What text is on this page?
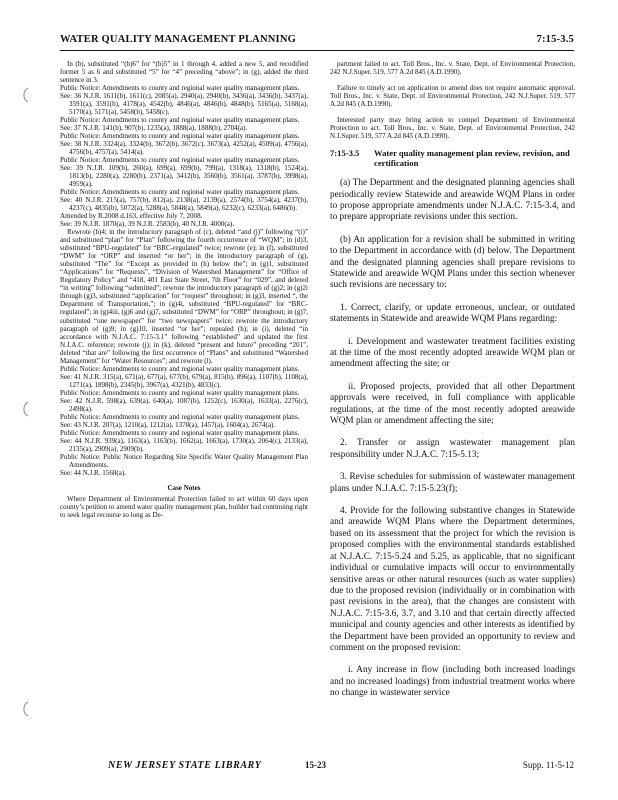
WATER QUALITY MANAGEMENT PLANNING	7:15-3.5

In (b), substituted “(b)6” for “(b)5” in 1 through 4, added a new 5, and recodified former 5 as 6 and substituted “5” for “4” preceding “above”; in (g), added the third sentence in 3.

Public Notice: Amendments to county and regional water quality management plans.

See: 36 N.J.R. 1611(b), 1611(c), 2085(a), 2940(a), 2940(b), 3436(a), 3436(b), 3437(a), 3591(a), 3591(b), 4178(a), 4542(b), 4846(a), 4846(b), 4848(b), 5165(a), 5168(a), 5170(a), 5171(a), 5458(b), 5458(c).

Public Notice: Amendments to county and regional water quality management plans.

See: 37 N.J.R. 141(b), 907(b), 1235(a), 1888(a), 1888(b), 2704(a).

Public Notice: Amendments to county and regional water quality management plans.

See: 38 N.J.R. 3324(a), 3324(b), 3672(b), 3672(c), 3673(a), 4252(a), 4509(a), 4756(a), 4756(b), 4757(a), 5414(a).

Public Notice: Amendments to county and regional water quality management plans.

See: 39 N.J.R. 109(b), 260(a), 699(a), 699(b), 799(a), 1318(a), 1318(b), 1524(a), 1813(b), 2280(a), 2280(b), 2371(a), 3412(b), 3560(b), 3561(a), 3787(b), 3998(a), 4959(a).

Public Notice: Amendments to county and regional water quality management plans.

See: 40 N.J.R. 215(a), 757(b), 812(a), 2138(a), 2139(a), 2574(b), 3754(a), 4237(b), 4237(c), 4835(b), 5072(a), 5288(a), 5848(a), 5849(a), 6232(c), 6233(a), 6486(b).

Amended by R.2008 d.163, effective July 7, 2008.

See: 39 N.J.R. 1870(a), 39 N.J.R. 2583(b), 40 N.J.R. 4000(a).

Rewrote (b)4; in the introductory paragraph of (c), deleted “and (j)” following “(i)” and substituted “plan” for “Plan” following the fourth occurrence of “WQM”; in (d)3, substituted “BPU-regulated” for “BRC-regulated” twice; rewrote (e); in (f), substituted “DWM” for “ORP” and inserted “or her”; in the introductory paragraph of (g), substituted “The” for “Except as provided in (h) below the”; in (g)1, substituted “Applications” for “Requests”, “Division of Watershed Management” for “Office of Regulatory Policy” and “418, 401 East State Street, 7th Floor” for “029”, and deleted “in writing” following “submitted”; rewrote the introductory paragraph of (g)2; in (g)2i through (g)3, substituted “application” for “request” throughout; in (g)3, inserted “, the Department of Transportation,”; in (g)4i, substituted “BPU-regulated” for “BRC-regulated”; in (g)4iii, (g)6 and (g)7, substituted “DWM” for “ORP” throughout; in (g)7, substituted “one newspaper” for “two newspapers” twice; rewrote the introductory paragraph of (g)9; in (g)10, inserted “or her”; repealed (h); in (i), deleted “in accordance with N.J.A.C. 7:15-3.1” following “established” and updated the first N.J.A.C. reference; rewrote (j); in (k), deleted “present and future” preceding “201”, deleted “that are” following the first occurrence of “Plans” and substituted “Watershed Management” for “Water Resources”; and rewrote (l).

Public Notice: Amendments to county and regional water quality management plans.

See: 41 N.J.R. 315(a), 671(a), 677(a), 677(b), 679(a), 815(b), 896(a), 1107(b), 1108(a), 1271(a), 1898(b), 2345(b), 3967(a), 4321(b), 4833(c).

Public Notice: Amendments to county and regional water quality management plans.

See: 42 N.J.R. 598(a), 639(a), 640(a), 1087(b), 1252(c), 1630(a), 1633(a), 2276(c), 2498(a).

Public Notice: Amendments to county and regional water quality management plans.

See: 43 N.J.R. 207(a), 1210(a), 1212(a), 1378(a), 1457(a), 1604(a), 2674(a).

Public Notice: Amendments to county and regional water quality management plans.

See: 44 N.J.R. 939(a), 1163(a), 1163(b), 1662(a), 1663(a), 1730(a), 2064(c), 2133(a), 2135(a), 2909(a), 2909(b).

Public Notice: Public Notice Regarding Site Specific Water Quality Management Plan Amendments.

See: 44 N.J.R. 1568(a).

Case Notes

Where Department of Environmental Protection failed to act within 60 days upon county’s petition to amend water quality management plan, builder had continuing right to seek legal recourse so long as De-

partment failed to act. Toll Bros., Inc. v. State, Dept. of Environmental Protection, 242 N.J.Super. 519, 577 A.2d 845 (A.D.1990).

Failure to timely act on application to amend does not require automatic approval. Toll Bros., Inc. v. State, Dept. of Environmental Protection, 242 N.J.Super. 519, 577 A.2d 845 (A.D.1990).

Interested party may bring action to compel Department of Environmental Protection to act. Toll Bros., Inc. v. State, Dept. of Environmental Protection, 242 N.J.Super. 519, 577 A.2d 845 (A.D.1990).

7:15-3.5	Water quality management plan review, revision, and certification

(a) The Department and the designated planning agencies shall periodically review Statewide and areawide WQM Plans in order to propose appropriate amendments under N.J.A.C. 7:15-3.4, and to prepare appropriate revisions under this section.

(b) An application for a revision shall be submitted in writing to the Department in accordance with (d) below. The Department and the designated planning agencies shall prepare revisions to Statewide and areawide WQM Plans under this section whenever such revisions are necessary to:

1. Correct, clarify, or update erroneous, unclear, or outdated statements in Statewide and areawide WQM Plans regarding:

i. Development and wastewater treatment facilities existing at the time of the most recently adopted areawide WQM plan or amendment affecting the site; or

ii. Proposed projects, provided that all other Department approvals were received, in full compliance with applicable regulations, at the time of the most recently adopted areawide WQM plan or amendment affecting the site;

2. Transfer or assign wastewater management plan responsibility under N.J.A.C. 7:15-5.13;

3. Revise schedules for submission of wastewater management plans under N.J.A.C. 7:15-5.23(f);

4. Provide for the following substantive changes in Statewide and areawide WQM Plans where the Department determines, based on its assessment that the project for which the revision is proposed complies with the environmental standards established at N.J.A.C. 7:15-5.24 and 5.25, as applicable, that no significant individual or cumulative impacts will occur to environmentally sensitive areas or other natural resources (such as water supplies) due to the proposed revision (individually or in combination with past revisions in the area), that the changes are consistent with N.J.A.C. 7:15-3.6, 3.7, and 3.10 and that certain directly affected municipal and county agencies and other interests as identified by the Department have been provided an opportunity to review and comment on the proposed revision:

i. Any increase in flow (including both increased loadings and no increased loadings) from industrial treatment works where no change in wastewater service

NEW JERSEY STATE LIBRARY	15-23	Supp. 11-5-12
